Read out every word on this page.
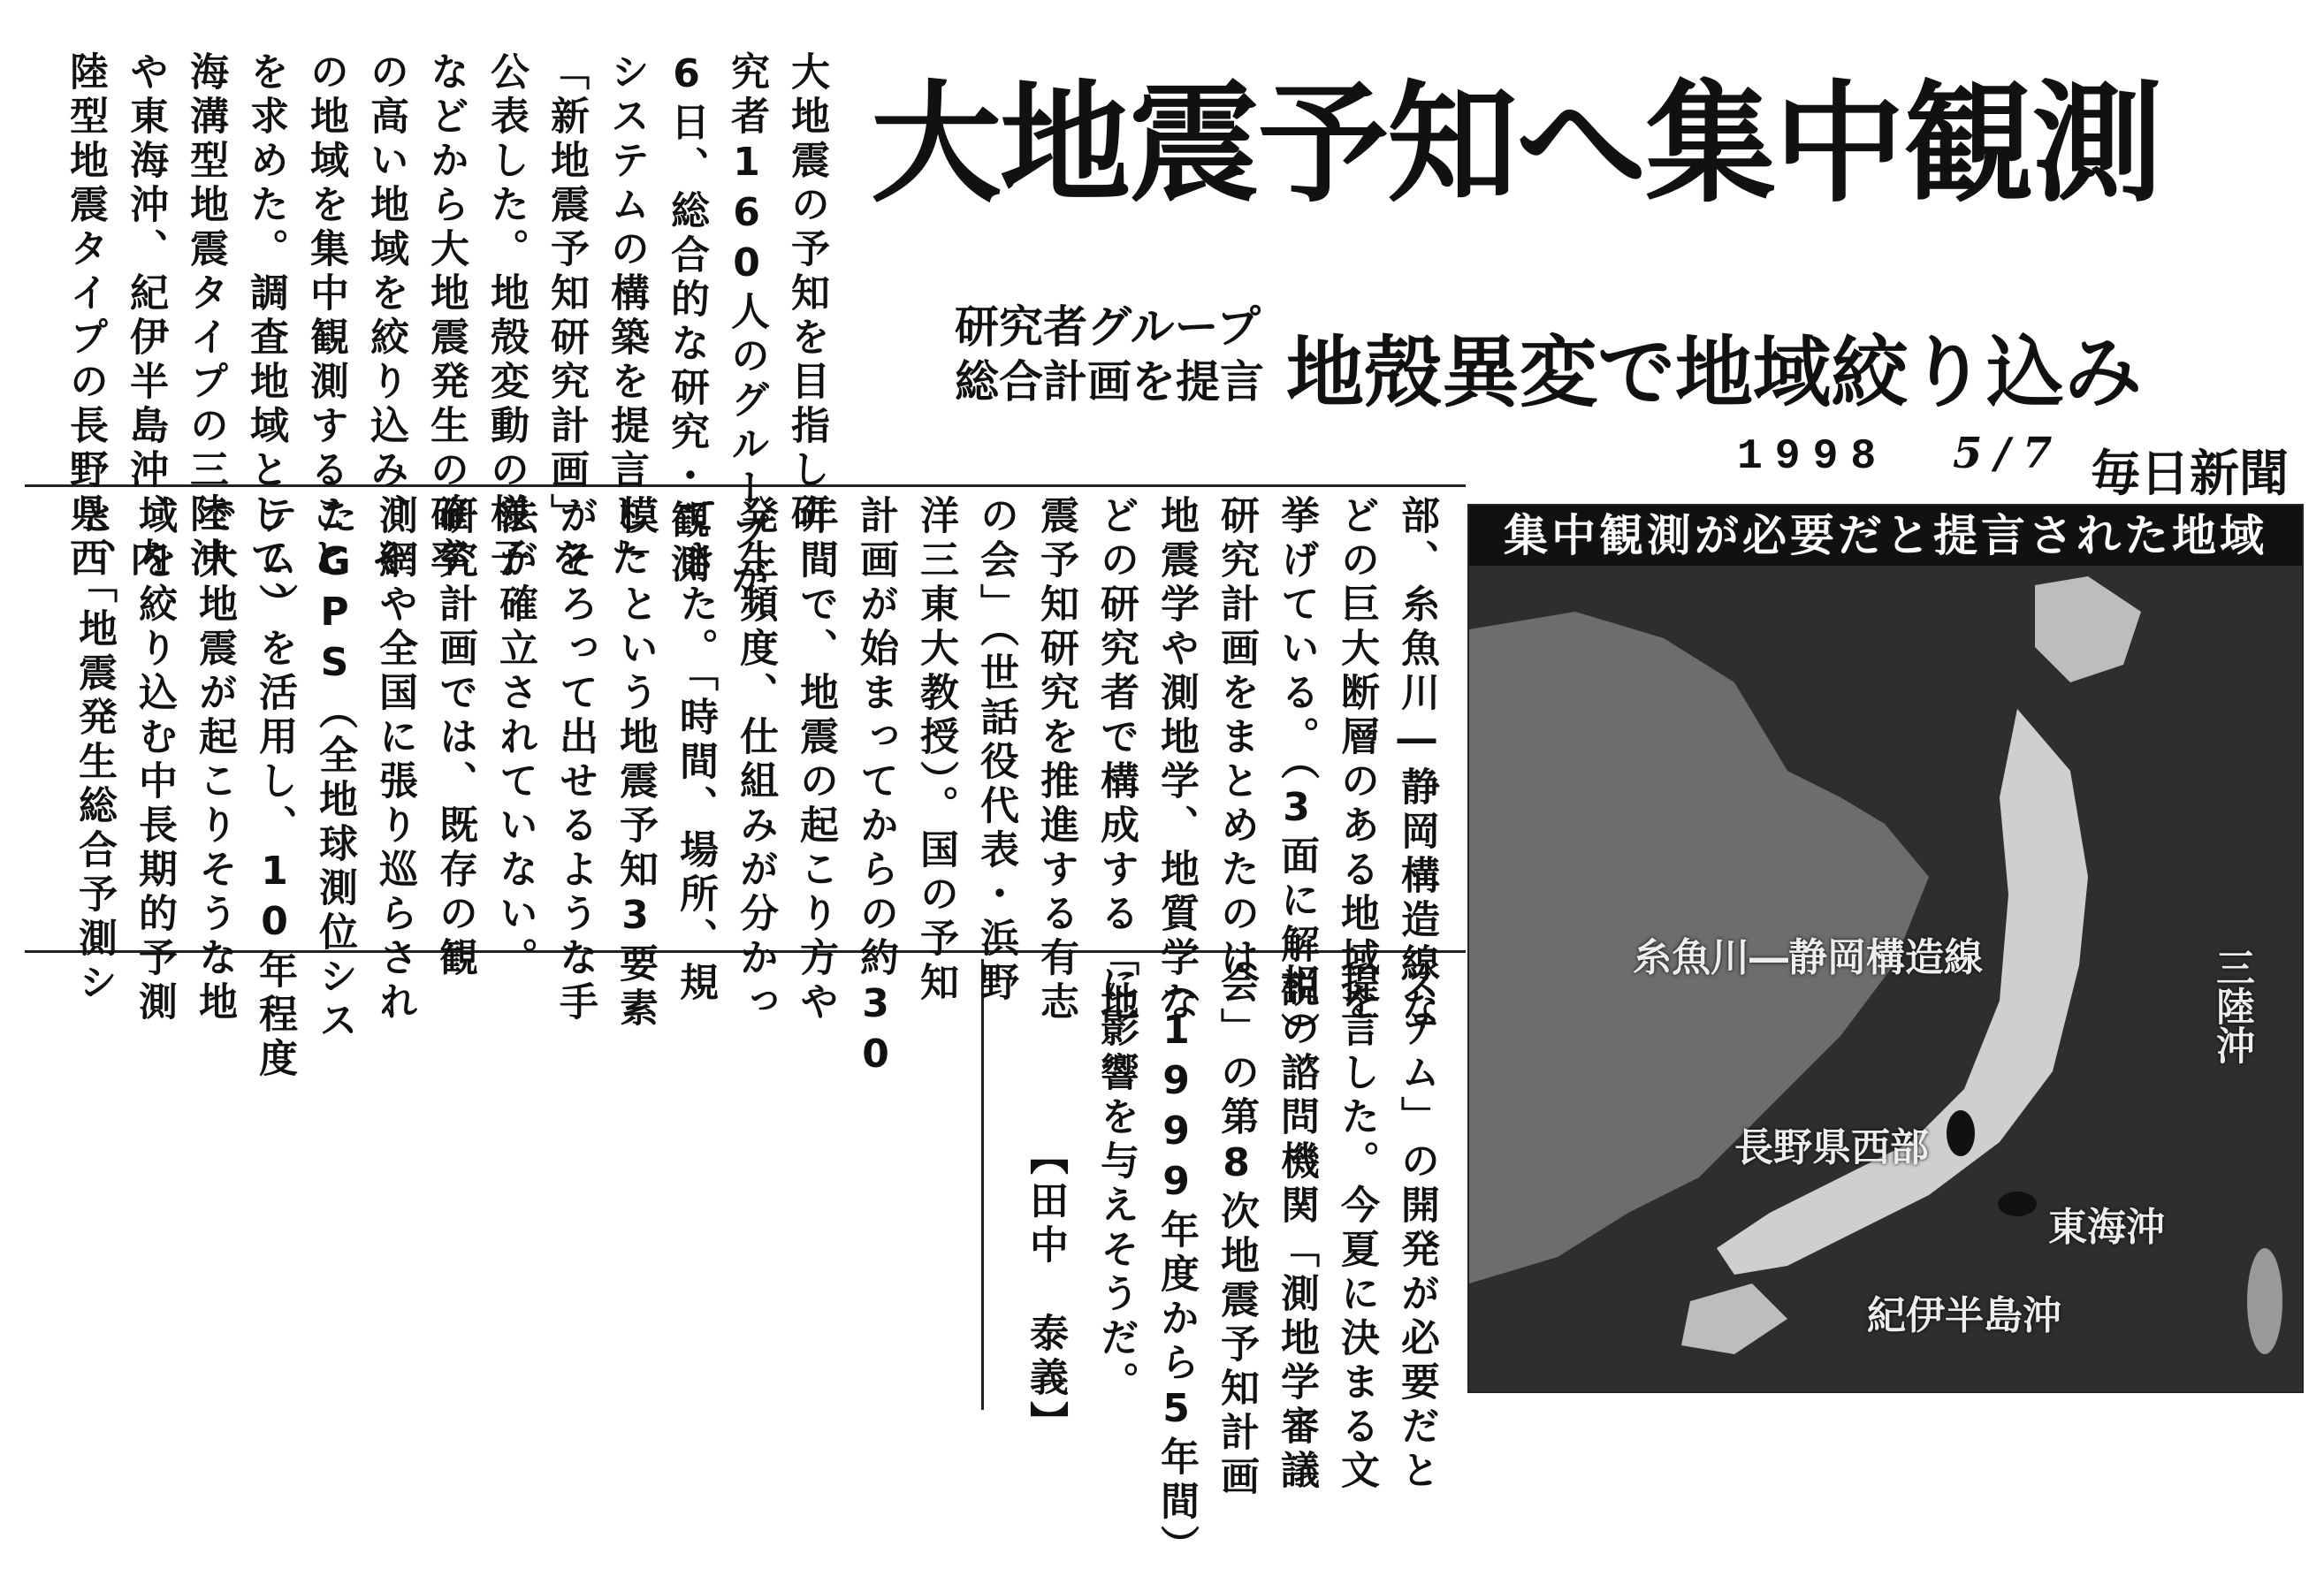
大地震予知へ集中観測
研究者グループ
総合計画を提言 地殻異変で地域絞り込み
1998 5/7 毎日新聞
大地震の予知を目指し研
究者160人のグループが
6日、総合的な研究・観測
システムの構築を提言した
「新地震予知研究計画」を
公表した。地殻変動の様子
などから大地震発生の確率
の高い地域を絞り込み、そ
の地域を集中観測すること
を求めた。調査地域として、
海溝型地震タイプの三陸沖
や東海沖、紀伊半島沖、内
陸型地震タイプの長野県西
部、糸魚川―静岡構造線な
どの巨大断層のある地域を
挙げている。（3面に解説）
研究計画をまとめたのは
地震学や測地学、地質学な
どの研究者で構成する「地
震予知研究を推進する有志
の会」（世話役代表・浜野
洋三東大教授）。国の予知
計画が始まってからの約30
年間で、地震の起こり方や
発生頻度、仕組みが分かっ
てきた。「時間、場所、規
模」という地震予知3要素
がそろって出せるような手
法が確立されていない。
研究計画では、既存の観
測網や全国に張り巡らされ
たGPS（全地球測位シス
テム）を活用し、10年程度
で大地震が起こりそうな地
域を絞り込む中長期的予測
と、「地震発生総合予測シ
ステム」の開発が必要だと
提言した。今夏に決まる文
相の諮問機関「測地学審議
会」の第8次地震予知計画
（1999年度から5年間）
に影響を与えそうだ。
【田中　泰義】
集中観測が必要だと提言された地域
糸魚川―静岡構造線	三陸沖
長野県西部
東海沖
紀伊半島沖
